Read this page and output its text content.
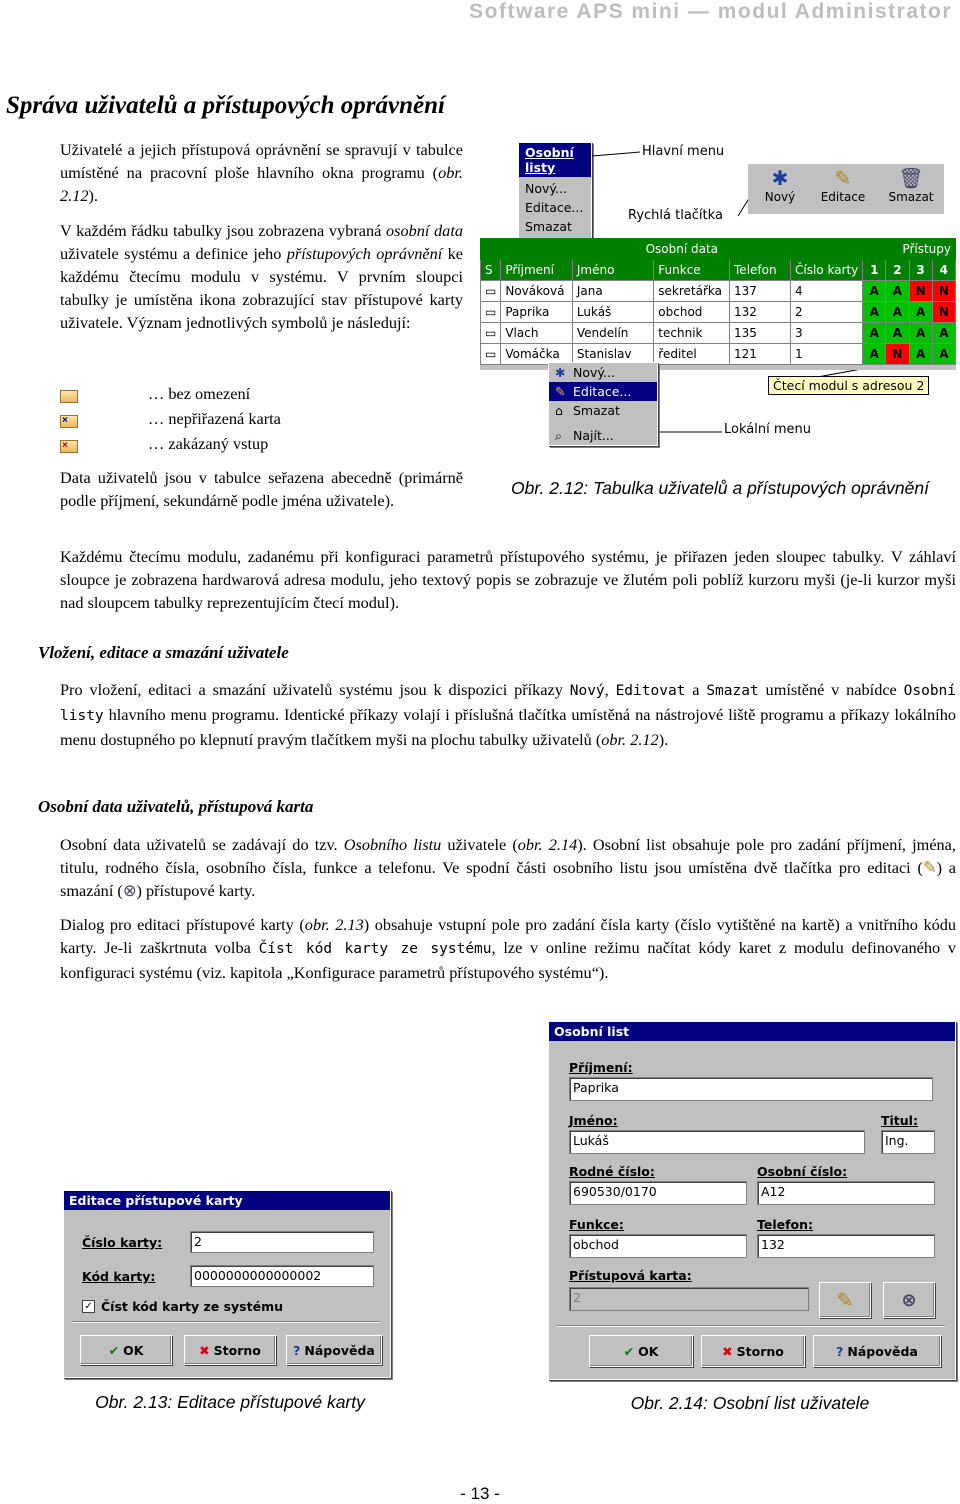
Software APS mini — modul Administrator
Správa uživatelů a přístupových oprávnění
Uživatelé a jejich přístupová oprávnění se spravují v tabulce umístěné na pracovní ploše hlavního okna programu (obr. 2.12).
V každém řádku tabulky jsou zobrazena vybraná osobní data uživatele systému a definice jeho přístupových oprávnění ke každému čtecímu modulu v systému. V prvním sloupci tabulky je umístěna ikona zobrazující stav přístupové karty uživatele. Význam jednotlivých symbolů je následují:
… bez omezení
×	… nepřiřazená karta
×	… zakázaný vstup
Data uživatelů jsou v tabulce seřazena abecedně (primárně podle příjmení, sekundárně podle jména uživatele).
Osobní listy
Nový...
Editace...
Smazat
Hlavní menu
Rychlá tlačítka
✱
Nový
✎
Editace
🗑
Smazat
	Osobní data					Přístupy			
S	Příjmení	Jméno	Funkce	Telefon	Číslo karty	1	2	3	4
▭	Nováková	Jana	sekretářka	137	4	A	A	N	N
▭	Paprika	Lukáš	obchod	132	2	A	A	A	N
▭	Vlach	Vendelín	technik	135	3	A	A	A	A
▭	Vomáčka	Stanislav	ředitel	121	1	A	N	A	A
Čtecí modul s adresou 2
✱ Nový...
✎ Editace...
⌂ Smazat
⌕ Najít...	Lokální menu
Obr. 2.12: Tabulka uživatelů a přístupových oprávnění
Každému čtecímu modulu, zadanému při konfiguraci parametrů přístupového systému, je přiřazen jeden sloupec tabulky. V záhlaví sloupce je zobrazena hardwarová adresa modulu, jeho textový popis se zobrazuje ve žlutém poli poblíž kurzoru myši (je-li kurzor myši nad sloupcem tabulky reprezentujícím čtecí modul).
Vložení, editace a smazání uživatele
Pro vložení, editaci a smazání uživatelů systému jsou k dispozici příkazy Nový, Editovat a Smazat umístěné v nabídce Osobní listy hlavního menu programu. Identické příkazy volají i příslušná tlačítka umístěná na nástrojové liště programu a příkazy lokálního menu dostupného po klepnutí pravým tlačítkem myši na plochu tabulky uživatelů (obr. 2.12).
Osobní data uživatelů, přístupová karta
Osobní data uživatelů se zadávají do tzv. Osobního listu uživatele (obr. 2.14). Osobní list obsahuje pole pro zadání příjmení, jména, titulu, rodného čísla, osobního čísla, funkce a telefonu. Ve spodní části osobního listu jsou umístěna dvě tlačítka pro editaci (✎) a smazání (⊗) přístupové karty.
Dialog pro editaci přístupové karty (obr. 2.13) obsahuje vstupní pole pro zadání čísla karty (číslo vytištěné na kartě) a vnitřního kódu karty. Je-li zaškrtnuta volba Číst kód karty ze systému, lze v online režimu načítat kódy karet z modulu definovaného v konfiguraci systému (viz. kapitola „Konfigurace parametrů přístupového systému“).
Editace přístupové karty
Číslo karty:	2
Kód karty:	0000000000000002
✓ Číst kód karty ze systému
✔ OK	✖ Storno	? Nápověda
Obr. 2.13: Editace přístupové karty
Osobní list
Příjmení:
Paprika
Jméno:
Lukáš
Titul:
Ing.
Rodné číslo:
690530/0170
Osobní číslo:
A12
Funkce:
obchod
Telefon:
132
Přístupová karta:
2	✎	⊗
✔ OK	✖ Storno	? Nápověda
Obr. 2.14: Osobní list uživatele
- 13 -
